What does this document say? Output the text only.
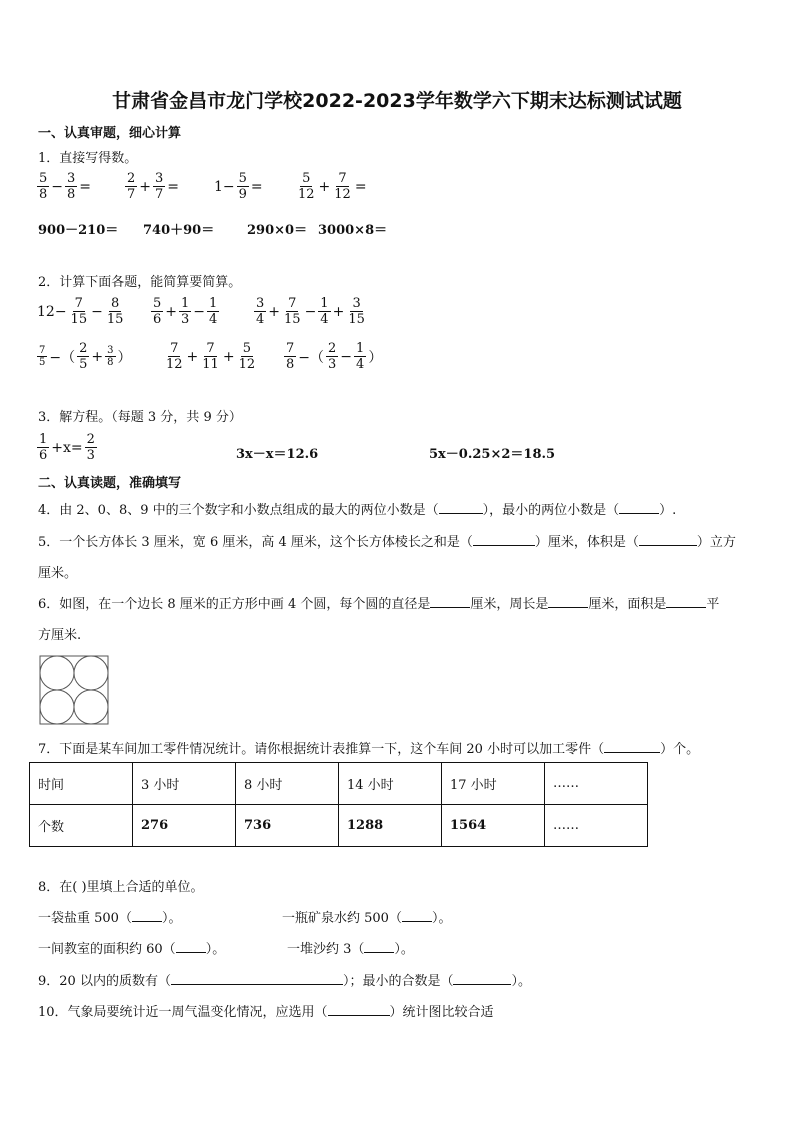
甘肃省金昌市龙门学校2022-2023学年数学六下期末达标测试试题
一、认真审题，细心计算
1．直接写得数。
$\frac{5}{8} - \frac{3}{8}$ =	$\frac{2}{7} + \frac{3}{7} = 1- \frac{5}{9}$ =	$\frac{5}{12} + \frac{7}{12}$ =
900－210＝ 740＋90＝	290×0＝ 3000×8＝
2．计算下面各题，能简算要简算。
$12- \frac{7}{15} - \frac{8}{15} \frac{5}{6} + \frac{1}{3} - \frac{1}{4}$	$\frac{3}{4} + \frac{7}{15} - \frac{1}{4} + \frac{3}{15}$
$\frac{7}{5}$ −（ $\frac{2}{5} + \frac{3}{8}$ ）	$\frac{7}{12} + \frac{7}{11} + \frac{5}{12} \frac{7}{8}$ −（ $\frac{2}{3} - \frac{1}{4}$ ）
3．解方程。（每题 3 分，共 9 分）
$\frac{1}{6} +x= \frac{2}{3}$	3x－x＝12.6	5x－0.25×2＝18.5
二、认真读题，准确填写
4．由 2、0、8、9 中的三个数字和小数点组成的最大的两位小数是（	），最小的两位小数是（	）.
5．一个长方体长 3 厘米，宽 6 厘米，高 4 厘米，这个长方体棱长之和是（	）厘米，体积是（	）立方
厘米。
6．如图，在一个边长 8 厘米的正方形中画 4 个圆，每个圆的直径是	厘米，周长是	厘米，面积是	平
方厘米.
7．下面是某车间加工零件情况统计。请你根据统计表推算一下，这个车间 20 小时可以加工零件（	）个。
时间	3 小时	8 小时	14 小时	17 小时	……
个数	276	736	1288	1564	……
8．在( )里填上合适的单位。
一袋盐重 500（ ）。	一瓶矿泉水约 500（ ）。
一间教室的面积约 60（ ）。	一堆沙约 3（ ）。
9．20 以内的质数有（	）；最小的合数是（	）。
10．气象局要统计近一周气温变化情况，应选用（	）统计图比较合适
